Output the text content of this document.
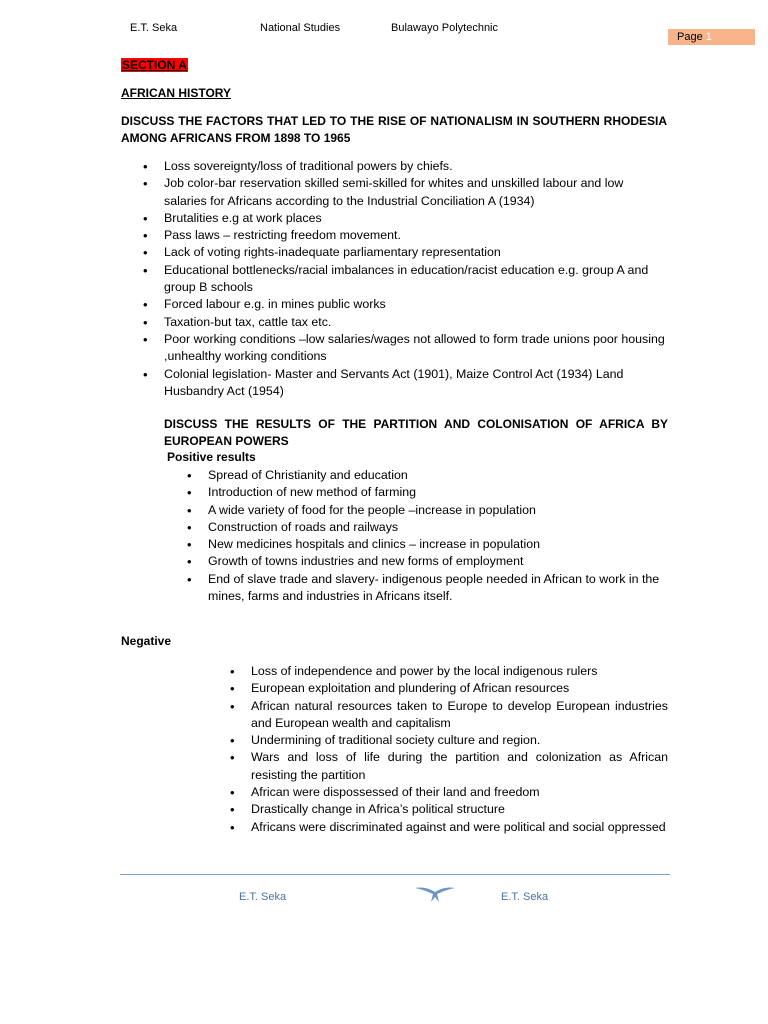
E.T. Seka	National Studies	Bulawayo Polytechnic
Page 1
SECTION A
AFRICAN HISTORY
DISCUSS THE FACTORS THAT LED TO THE RISE OF NATIONALISM IN SOUTHERN RHODESIA AMONG AFRICANS FROM 1898 TO 1965
• Loss sovereignty/loss of traditional powers by chiefs.
• Job color-bar reservation skilled semi-skilled for whites and unskilled labour and low salaries for Africans according to the Industrial Conciliation A (1934)
• Brutalities e.g at work places
• Pass laws – restricting freedom movement.
• Lack of voting rights-inadequate parliamentary representation
• Educational bottlenecks/racial imbalances in education/racist education e.g. group A and group B schools
• Forced labour e.g. in mines public works
• Taxation-but tax, cattle tax etc.
• Poor working conditions –low salaries/wages not allowed to form trade unions poor housing ,unhealthy working conditions
• Colonial legislation- Master and Servants Act (1901), Maize Control Act (1934) Land Husbandry Act (1954)
DISCUSS THE RESULTS OF THE PARTITION AND COLONISATION OF AFRICA BY EUROPEAN POWERS
Positive results
• Spread of Christianity and education
• Introduction of new method of farming
• A wide variety of food for the people –increase in population
• Construction of roads and railways
• New medicines hospitals and clinics – increase in population
• Growth of towns industries and new forms of employment
• End of slave trade and slavery- indigenous people needed in African to work in the mines, farms and industries in Africans itself.
Negative
• Loss of independence and power by the local indigenous rulers
• European exploitation and plundering of African resources
• African natural resources taken to Europe to develop European industries and European wealth and capitalism
• Undermining of traditional society culture and region.
• Wars and loss of life during the partition and colonization as African resisting the partition
• African were dispossessed of their land and freedom
• Drastically change in Africa’s political structure
• Africans were discriminated against and were political and social oppressed
E.T. Seka	E.T. Seka
